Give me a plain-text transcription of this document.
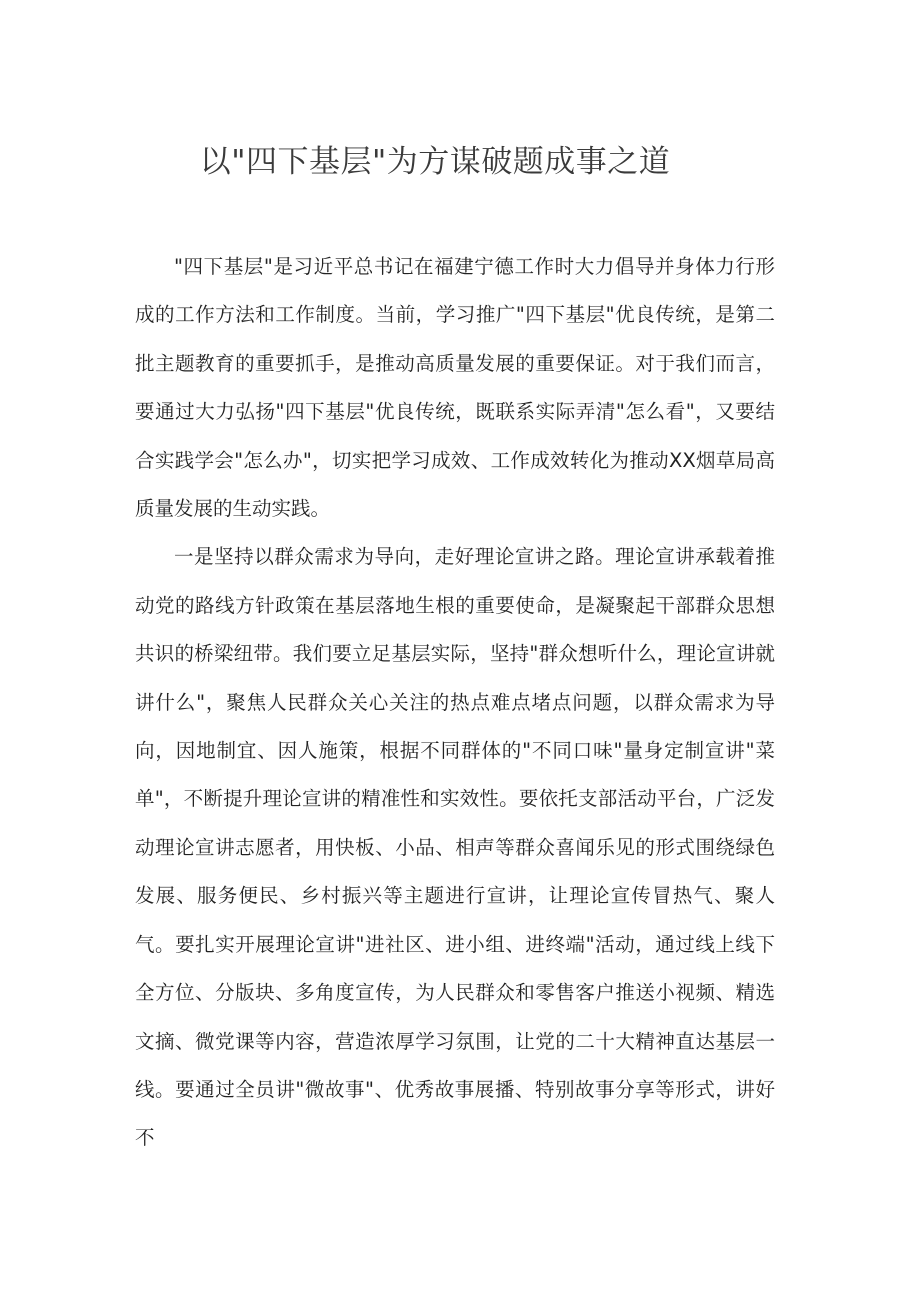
以"四下基层"为方谋破题成事之道

"四下基层"是习近平总书记在福建宁德工作时大力倡导并身体力行形成的工作方法和工作制度。当前，学习推广"四下基层"优良传统，是第二批主题教育的重要抓手，是推动高质量发展的重要保证。对于我们而言，要通过大力弘扬"四下基层"优良传统，既联系实际弄清"怎么看"，又要结合实践学会"怎么办"，切实把学习成效、工作成效转化为推动XX烟草局高质量发展的生动实践。

一是坚持以群众需求为导向，走好理论宣讲之路。理论宣讲承载着推动党的路线方针政策在基层落地生根的重要使命，是凝聚起干部群众思想共识的桥梁纽带。我们要立足基层实际，坚持"群众想听什么，理论宣讲就讲什么"，聚焦人民群众关心关注的热点难点堵点问题，以群众需求为导向，因地制宜、因人施策，根据不同群体的"不同口味"量身定制宣讲"菜单"，不断提升理论宣讲的精准性和实效性。要依托支部活动平台，广泛发动理论宣讲志愿者，用快板、小品、相声等群众喜闻乐见的形式围绕绿色发展、服务便民、乡村振兴等主题进行宣讲，让理论宣传冒热气、聚人气。要扎实开展理论宣讲"进社区、进小组、进终端"活动，通过线上线下全方位、分版块、多角度宣传，为人民群众和零售客户推送小视频、精选文摘、微党课等内容，营造浓厚学习氛围，让党的二十大精神直达基层一线。要通过全员讲"微故事"、优秀故事展播、特别故事分享等形式，讲好不
